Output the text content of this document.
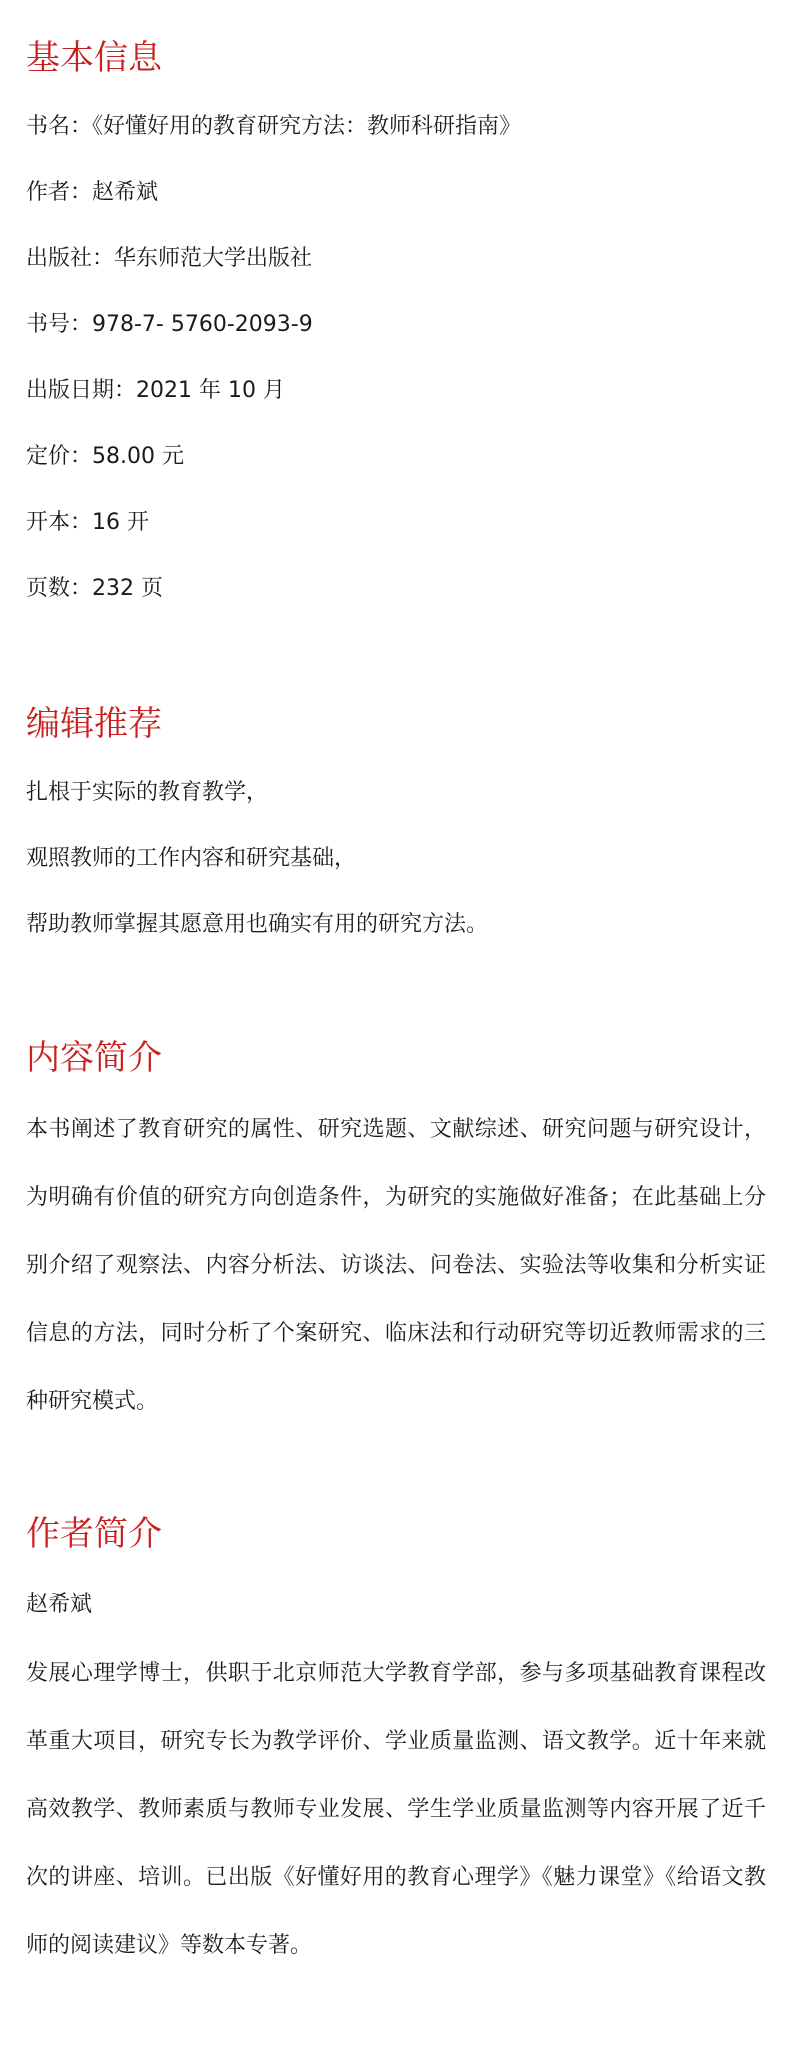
基本信息
书名：《好懂好用的教育研究方法：教师科研指南》
作者：赵希斌
出版社：华东师范大学出版社
书号：978-7- 5760-2093-9
出版日期：2021 年 10 月
定价：58.00 元
开本：16 开
页数：232 页
编辑推荐
扎根于实际的教育教学，
观照教师的工作内容和研究基础，
帮助教师掌握其愿意用也确实有用的研究方法。
内容简介
本书阐述了教育研究的属性、研究选题、文献综述、研究问题与研究设计，为明确有价值的研究方向创造条件，为研究的实施做好准备；在此基础上分别介绍了观察法、内容分析法、访谈法、问卷法、实验法等收集和分析实证信息的方法，同时分析了个案研究、临床法和行动研究等切近教师需求的三种研究模式。
作者简介
赵希斌
发展心理学博士，供职于北京师范大学教育学部，参与多项基础教育课程改革重大项目，研究专长为教学评价、学业质量监测、语文教学。近十年来就高效教学、教师素质与教师专业发展、学生学业质量监测等内容开展了近千次的讲座、培训。已出版《好懂好用的教育心理学》《魅力课堂》《给语文教师的阅读建议》等数本专著。
